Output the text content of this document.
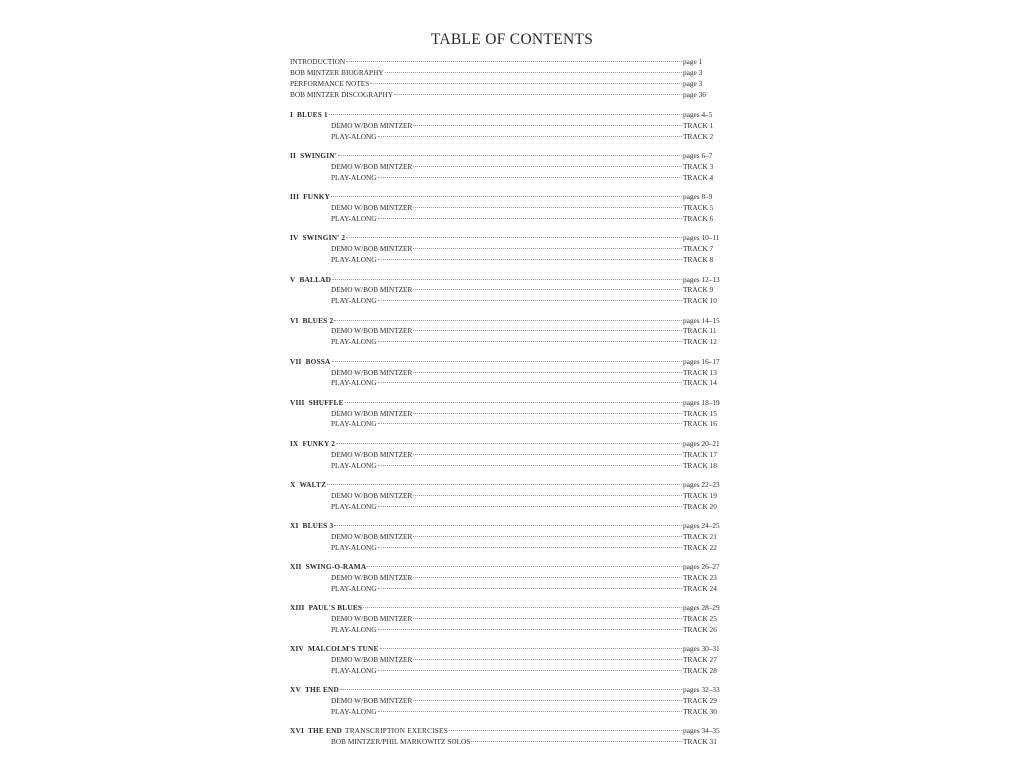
TABLE OF CONTENTS
INTRODUCTION	page 1
BOB MINTZER BIOGRAPHY	page 3
PERFORMANCE NOTES	page 3
BOB MINTZER DISCOGRAPHY	page 36
I BLUES 1	pages 4–5
DEMO W/BOB MINTZER	TRACK 1
PLAY-ALONG	TRACK 2
II SWINGIN'	pages 6–7
DEMO W/BOB MINTZER	TRACK 3
PLAY-ALONG	TRACK 4
III FUNKY	pages 8–9
DEMO W/BOB MINTZER	TRACK 5
PLAY-ALONG	TRACK 6
IV SWINGIN' 2	pages 10–11
DEMO W/BOB MINTZER	TRACK 7
PLAY-ALONG	TRACK 8
V BALLAD	pages 12–13
DEMO W/BOB MINTZER	TRACK 9
PLAY-ALONG	TRACK 10
VI BLUES 2	pages 14–15
DEMO W/BOB MINTZER	TRACK 11
PLAY-ALONG	TRACK 12
VII BOSSA	pages 16–17
DEMO W/BOB MINTZER	TRACK 13
PLAY-ALONG	TRACK 14
VIII SHUFFLE	pages 18–19
DEMO W/BOB MINTZER	TRACK 15
PLAY-ALONG	TRACK 16
IX FUNKY 2	pages 20–21
DEMO W/BOB MINTZER	TRACK 17
PLAY-ALONG	TRACK 18
X WALTZ	pages 22–23
DEMO W/BOB MINTZER	TRACK 19
PLAY-ALONG	TRACK 20
XI BLUES 3	pages 24–25
DEMO W/BOB MINTZER	TRACK 21
PLAY-ALONG	TRACK 22
XII SWING-O-RAMA	pages 26–27
DEMO W/BOB MINTZER	TRACK 23
PLAY-ALONG	TRACK 24
XIII PAUL'S BLUES	pages 28–29
DEMO W/BOB MINTZER	TRACK 25
PLAY-ALONG	TRACK 26
XIV MALCOLM'S TUNE	pages 30–31
DEMO W/BOB MINTZER	TRACK 27
PLAY-ALONG	TRACK 28
XV THE END	pages 32–33
DEMO W/BOB MINTZER	TRACK 29
PLAY-ALONG	TRACK 30
XVI THE END TRANSCRIPTION EXERCISES	pages 34–35
BOB MINTZER/PHIL MARKOWITZ SOLOS	TRACK 31
